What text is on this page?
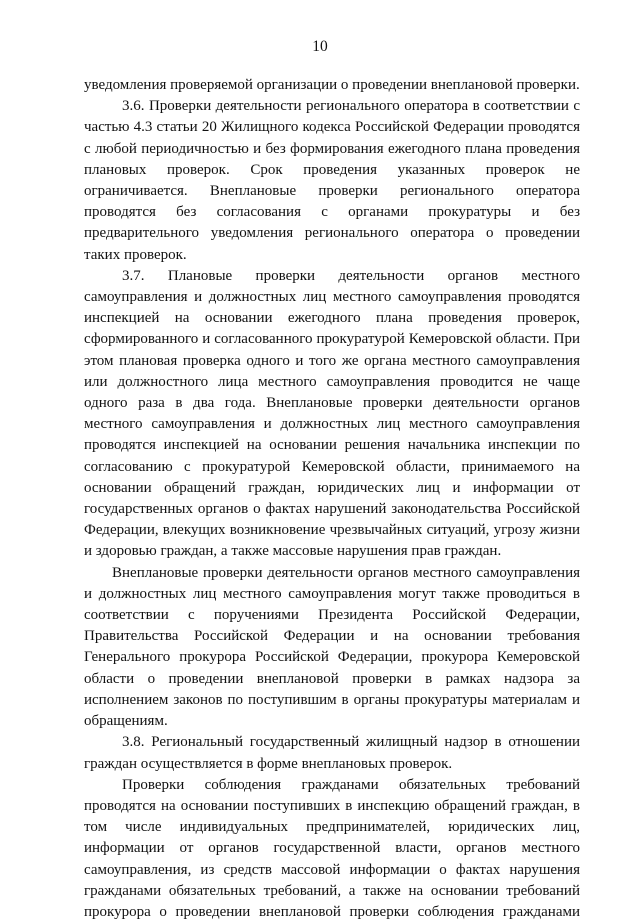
10

уведомления проверяемой организации о проведении внеплановой проверки.

3.6. Проверки деятельности регионального оператора в соответствии с частью 4.3 статьи 20 Жилищного кодекса Российской Федерации проводятся с любой периодичностью и без формирования ежегодного плана проведения плановых проверок. Срок проведения указанных проверок не ограничивается. Внеплановые проверки регионального оператора проводятся без согласования с органами прокуратуры и без предварительного уведомления регионального оператора о проведении таких проверок.

3.7. Плановые проверки деятельности органов местного самоуправления и должностных лиц местного самоуправления проводятся инспекцией на основании ежегодного плана проведения проверок, сформированного и согласованного прокуратурой Кемеровской области. При этом плановая проверка одного и того же органа местного самоуправления или должностного лица местного самоуправления проводится не чаще одного раза в два года. Внеплановые проверки деятельности органов местного самоуправления и должностных лиц местного самоуправления проводятся инспекцией на основании решения начальника инспекции по согласованию с прокуратурой Кемеровской области, принимаемого на основании обращений граждан, юридических лиц и информации от государственных органов о фактах нарушений законодательства Российской Федерации, влекущих возникновение чрезвычайных ситуаций, угрозу жизни и здоровью граждан, а также массовые нарушения прав граждан.

Внеплановые проверки деятельности органов местного самоуправления и должностных лиц местного самоуправления могут также проводиться в соответствии с поручениями Президента Российской Федерации, Правительства Российской Федерации и на основании требования Генерального прокурора Российской Федерации, прокурора Кемеровской области о проведении внеплановой проверки в рамках надзора за исполнением законов по поступившим в органы прокуратуры материалам и обращениям.

3.8. Региональный государственный жилищный надзор в отношении граждан осуществляется в форме внеплановых проверок.

Проверки соблюдения гражданами обязательных требований проводятся на основании поступивших в инспекцию обращений граждан, в том числе индивидуальных предпринимателей, юридических лиц, информации от органов государственной власти, органов местного самоуправления, из средств массовой информации о фактах нарушения гражданами обязательных требований, а также на основании требований прокурора о проведении внеплановой проверки соблюдения гражданами
